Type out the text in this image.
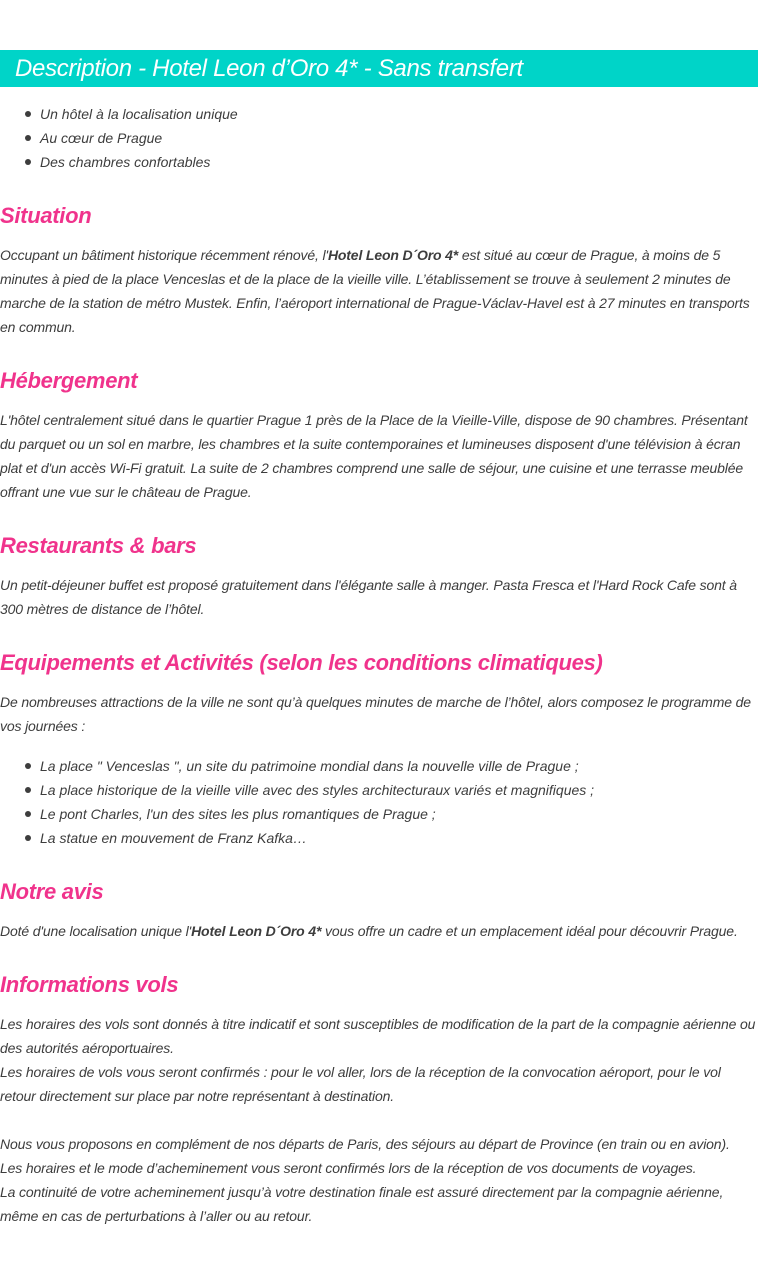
Description - Hotel Leon d’Oro 4* - Sans transfert
Un hôtel à la localisation unique
Au cœur de Prague
Des chambres confortables
Situation

Occupant un bâtiment historique récemment rénové, l'Hotel Leon D´Oro 4* est situé au cœur de Prague, à moins de 5 minutes à pied de la place Venceslas et de la place de la vieille ville. L’établissement se trouve à seulement 2 minutes de marche de la station de métro Mustek. Enfin, l’aéroport international de Prague-Václav-Havel est à 27 minutes en transports en commun.

Hébergement

L'hôtel centralement situé dans le quartier Prague 1 près de la Place de la Vieille-Ville, dispose de 90 chambres. Présentant du parquet ou un sol en marbre, les chambres et la suite contemporaines et lumineuses disposent d'une télévision à écran plat et d'un accès Wi-Fi gratuit. La suite de 2 chambres comprend une salle de séjour, une cuisine et une terrasse meublée offrant une vue sur le château de Prague.

Restaurants & bars

Un petit-déjeuner buffet est proposé gratuitement dans l'élégante salle à manger. Pasta Fresca et l'Hard Rock Cafe sont à 300 mètres de distance de l’hôtel.

Equipements et Activités (selon les conditions climatiques)

De nombreuses attractions de la ville ne sont qu’à quelques minutes de marche de l’hôtel, alors composez le programme de vos journées :

La place " Venceslas ", un site du patrimoine mondial dans la nouvelle ville de Prague ;
La place historique de la vieille ville avec des styles architecturaux variés et magnifiques ;
Le pont Charles, l'un des sites les plus romantiques de Prague ;
La statue en mouvement de Franz Kafka…
Notre avis

Doté d'une localisation unique l'Hotel Leon D´Oro 4* vous offre un cadre et un emplacement idéal pour découvrir Prague.

Informations vols

Les horaires des vols sont donnés à titre indicatif et sont susceptibles de modification de la part de la compagnie aérienne ou des autorités aéroportuaires.

Les horaires de vols vous seront confirmés : pour le vol aller, lors de la réception de la convocation aéroport, pour le vol retour directement sur place par notre représentant à destination.

Nous vous proposons en complément de nos départs de Paris, des séjours au départ de Province (en train ou en avion).

Les horaires et le mode d’acheminement vous seront confirmés lors de la réception de vos documents de voyages.

La continuité de votre acheminement jusqu’à votre destination finale est assuré directement par la compagnie aérienne, même en cas de perturbations à l’aller ou au retour.
